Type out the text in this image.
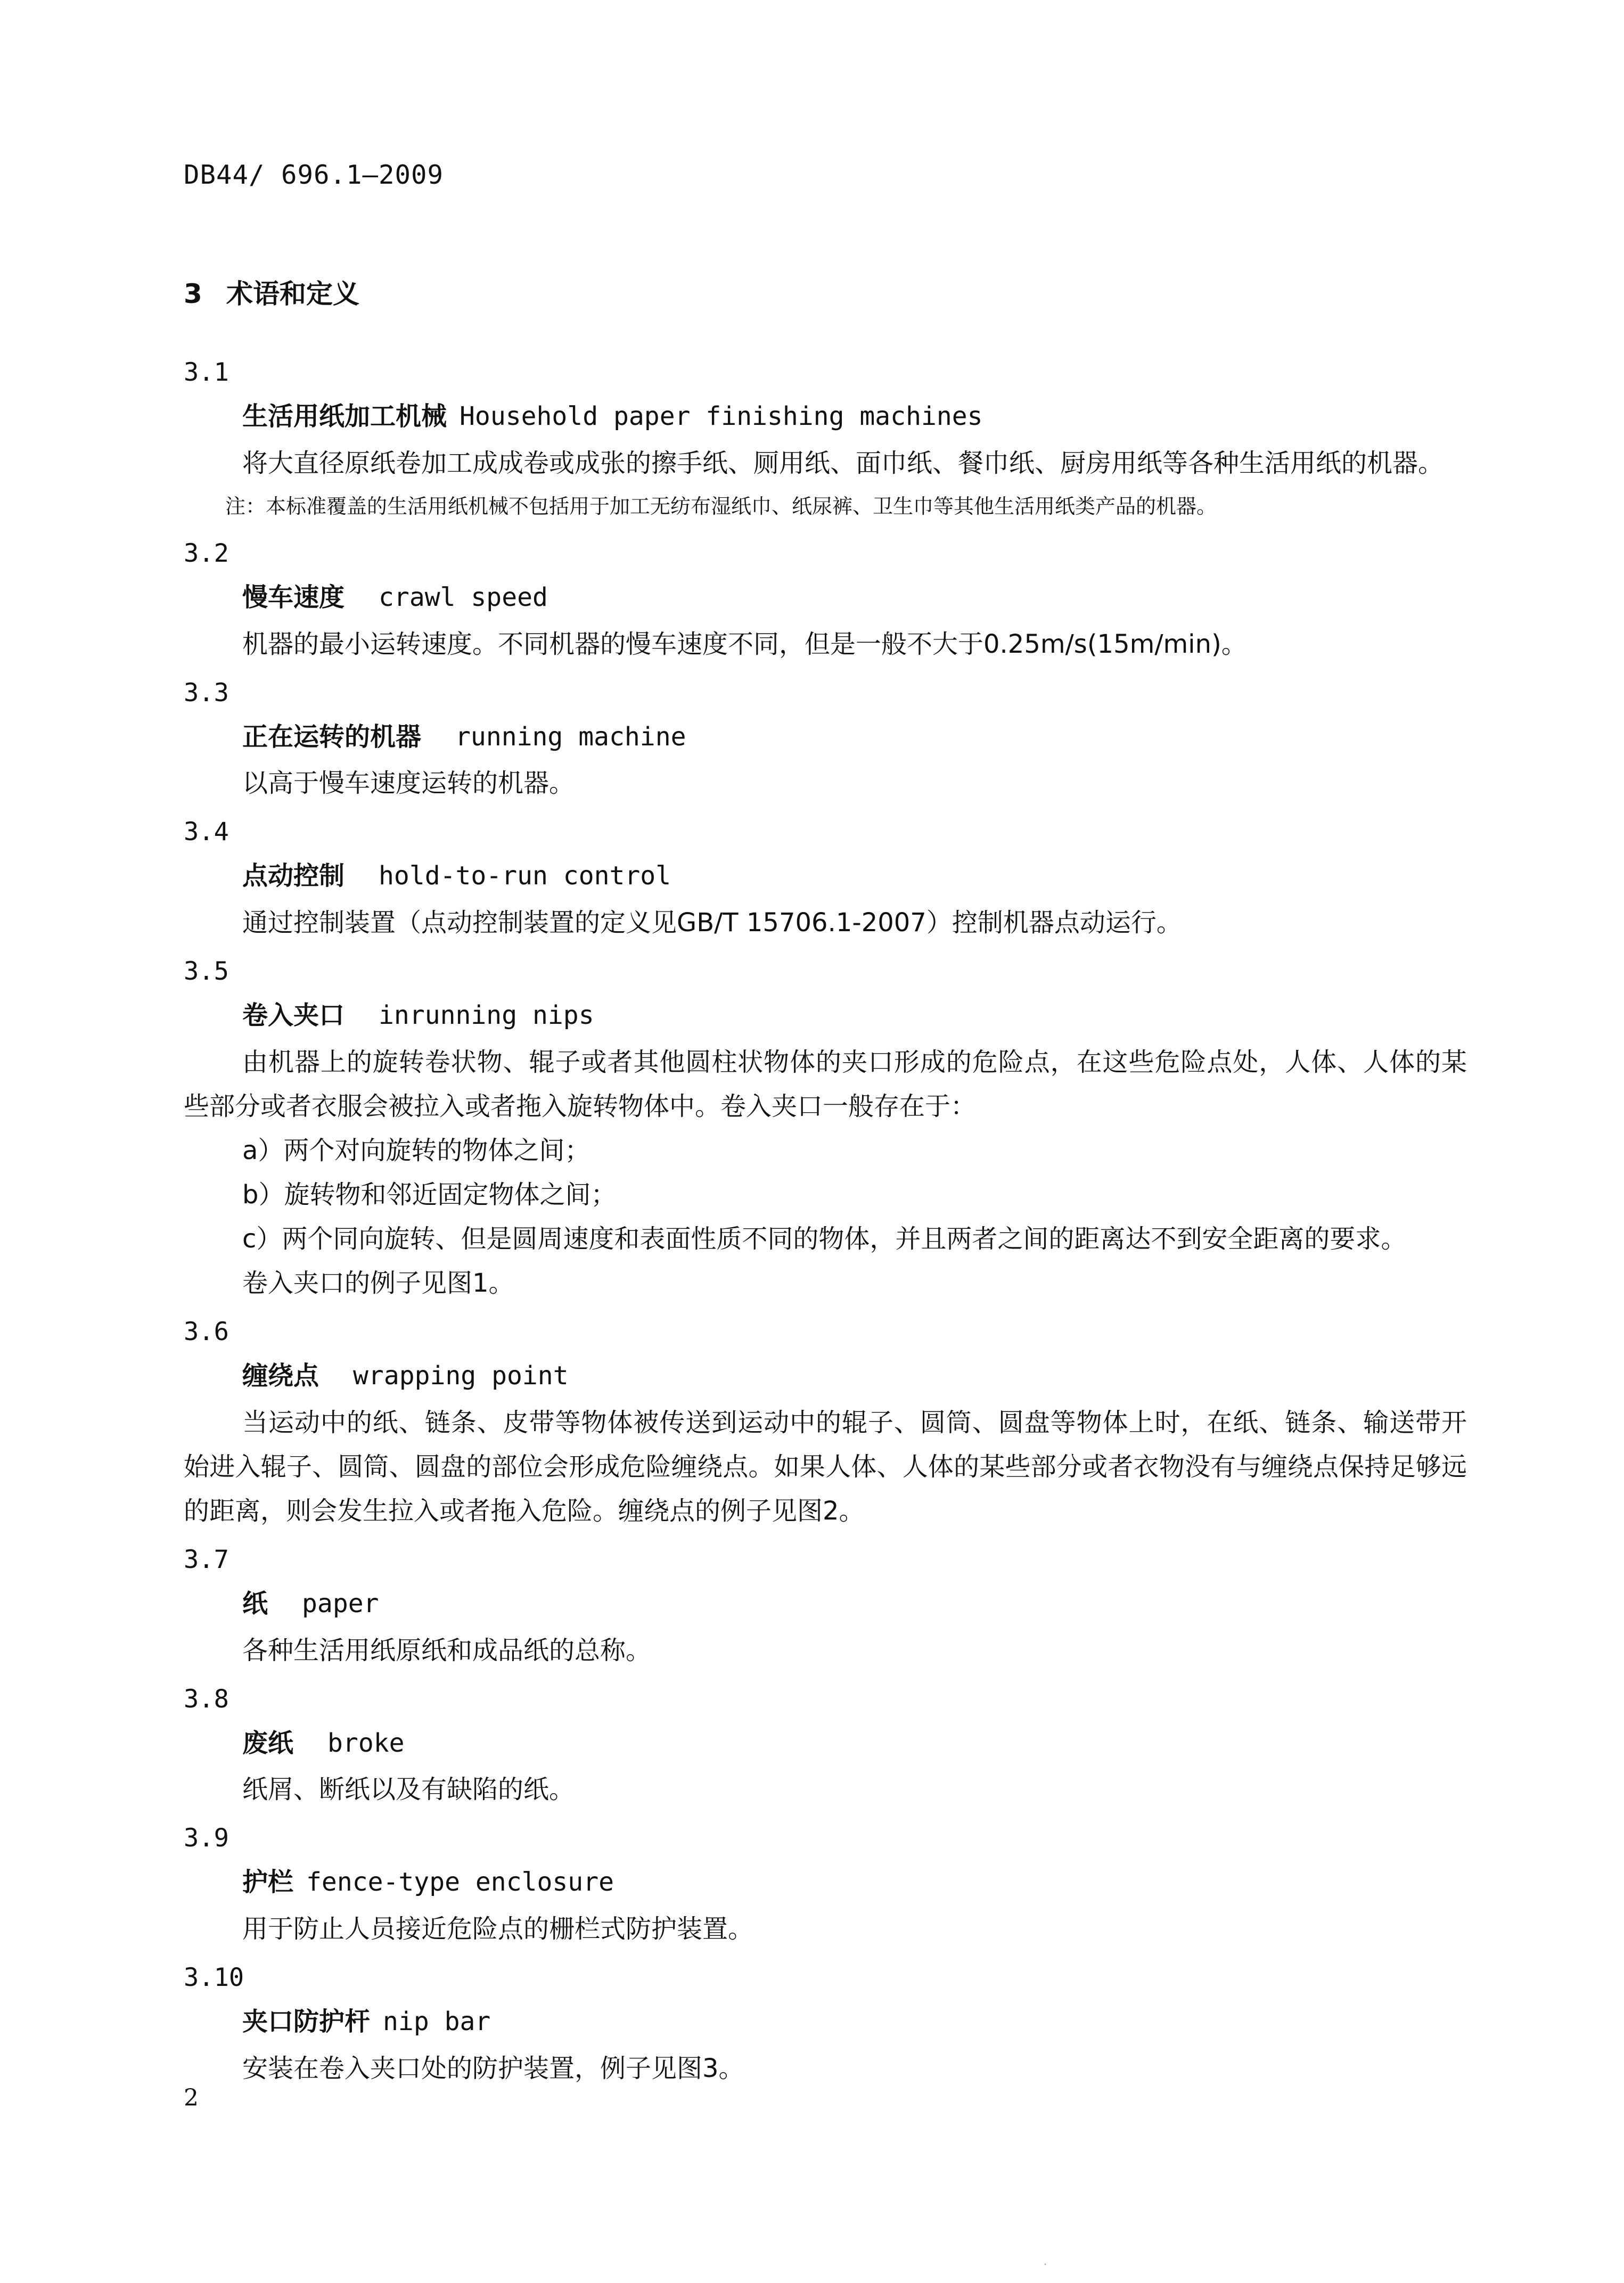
DB44/ 696.1—2009
3 术语和定义
3.1
生活用纸加工机械 Household paper finishing machines

将大直径原纸卷加工成成卷或成张的擦手纸、厕用纸、面巾纸、餐巾纸、厨房用纸等各种生活用纸的机器。

注：本标准覆盖的生活用纸机械不包括用于加工无纺布湿纸巾、纸尿裤、卫生巾等其他生活用纸类产品的机器。

3.2
慢车速度 crawl speed

机器的最小运转速度。不同机器的慢车速度不同，但是一般不大于0.25m/s(15m/min)。

3.3
正在运转的机器 running machine

以高于慢车速度运转的机器。

3.4
点动控制 hold-to-run control

通过控制装置（点动控制装置的定义见GB/T 15706.1-2007）控制机器点动运行。

3.5
卷入夹口 inrunning nips

由机器上的旋转卷状物、辊子或者其他圆柱状物体的夹口形成的危险点，在这些危险点处，人体、人体的某些部分或者衣服会被拉入或者拖入旋转物体中。卷入夹口一般存在于：

a）两个对向旋转的物体之间；

b）旋转物和邻近固定物体之间；

c）两个同向旋转、但是圆周速度和表面性质不同的物体，并且两者之间的距离达不到安全距离的要求。

卷入夹口的例子见图1。

3.6
缠绕点 wrapping point

当运动中的纸、链条、皮带等物体被传送到运动中的辊子、圆筒、圆盘等物体上时，在纸、链条、输送带开始进入辊子、圆筒、圆盘的部位会形成危险缠绕点。如果人体、人体的某些部分或者衣物没有与缠绕点保持足够远的距离，则会发生拉入或者拖入危险。缠绕点的例子见图2。

3.7
纸 paper

各种生活用纸原纸和成品纸的总称。

3.8
废纸 broke

纸屑、断纸以及有缺陷的纸。

3.9
护栏 fence-type enclosure

用于防止人员接近危险点的栅栏式防护装置。

3.10
夹口防护杆 nip bar

安装在卷入夹口处的防护装置，例子见图3。

2
.
